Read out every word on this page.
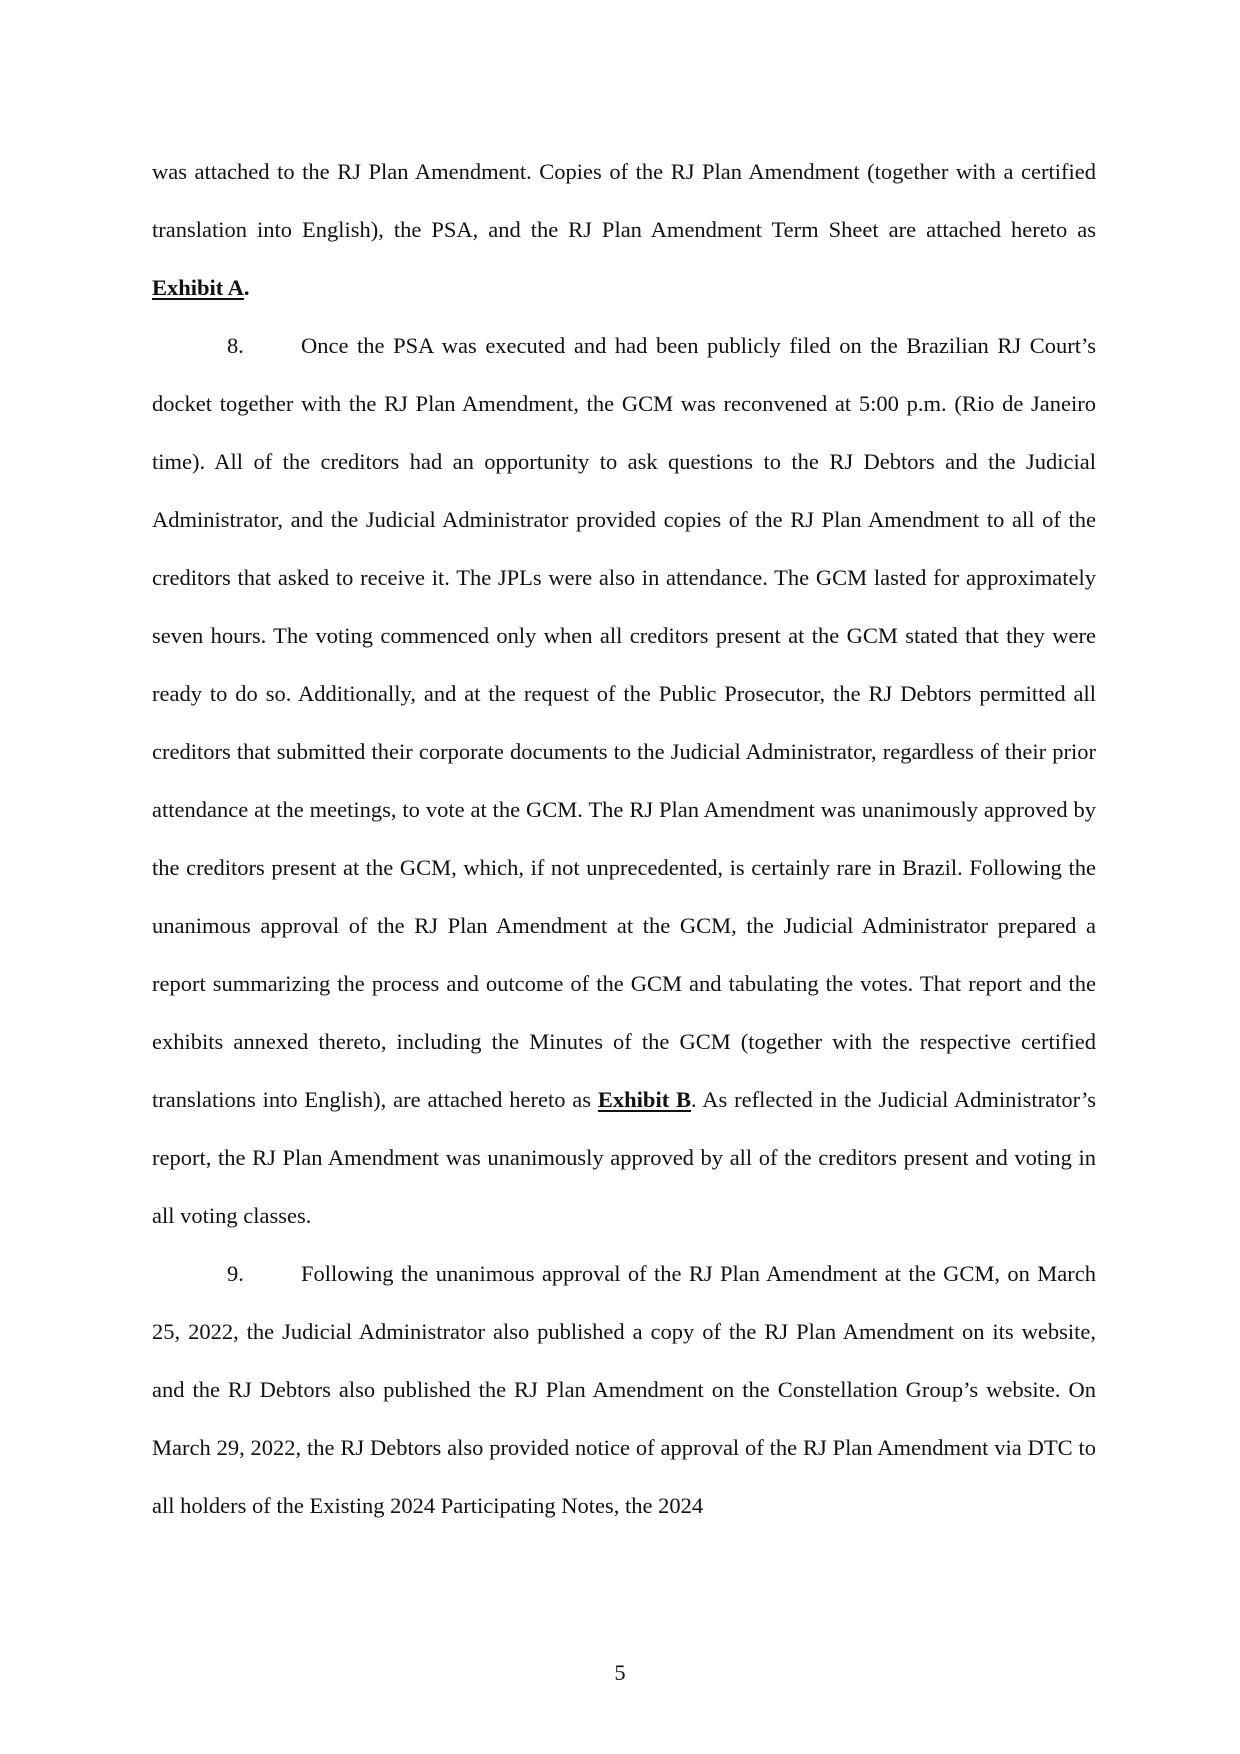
was attached to the RJ Plan Amendment. Copies of the RJ Plan Amendment (together with a certified translation into English), the PSA, and the RJ Plan Amendment Term Sheet are attached hereto as Exhibit A.

8.	Once the PSA was executed and had been publicly filed on the Brazilian RJ Court’s docket together with the RJ Plan Amendment, the GCM was reconvened at 5:00 p.m. (Rio de Janeiro time). All of the creditors had an opportunity to ask questions to the RJ Debtors and the Judicial Administrator, and the Judicial Administrator provided copies of the RJ Plan Amendment to all of the creditors that asked to receive it. The JPLs were also in attendance. The GCM lasted for approximately seven hours. The voting commenced only when all creditors present at the GCM stated that they were ready to do so. Additionally, and at the request of the Public Prosecutor, the RJ Debtors permitted all creditors that submitted their corporate documents to the Judicial Administrator, regardless of their prior attendance at the meetings, to vote at the GCM. The RJ Plan Amendment was unanimously approved by the creditors present at the GCM, which, if not unprecedented, is certainly rare in Brazil. Following the unanimous approval of the RJ Plan Amendment at the GCM, the Judicial Administrator prepared a report summarizing the process and outcome of the GCM and tabulating the votes. That report and the exhibits annexed thereto, including the Minutes of the GCM (together with the respective certified translations into English), are attached hereto as Exhibit B. As reflected in the Judicial Administrator’s report, the RJ Plan Amendment was unanimously approved by all of the creditors present and voting in all voting classes.

9.	Following the unanimous approval of the RJ Plan Amendment at the GCM, on March 25, 2022, the Judicial Administrator also published a copy of the RJ Plan Amendment on its website, and the RJ Debtors also published the RJ Plan Amendment on the Constellation Group’s website. On March 29, 2022, the RJ Debtors also provided notice of approval of the RJ Plan Amendment via DTC to all holders of the Existing 2024 Participating Notes, the 2024

5
